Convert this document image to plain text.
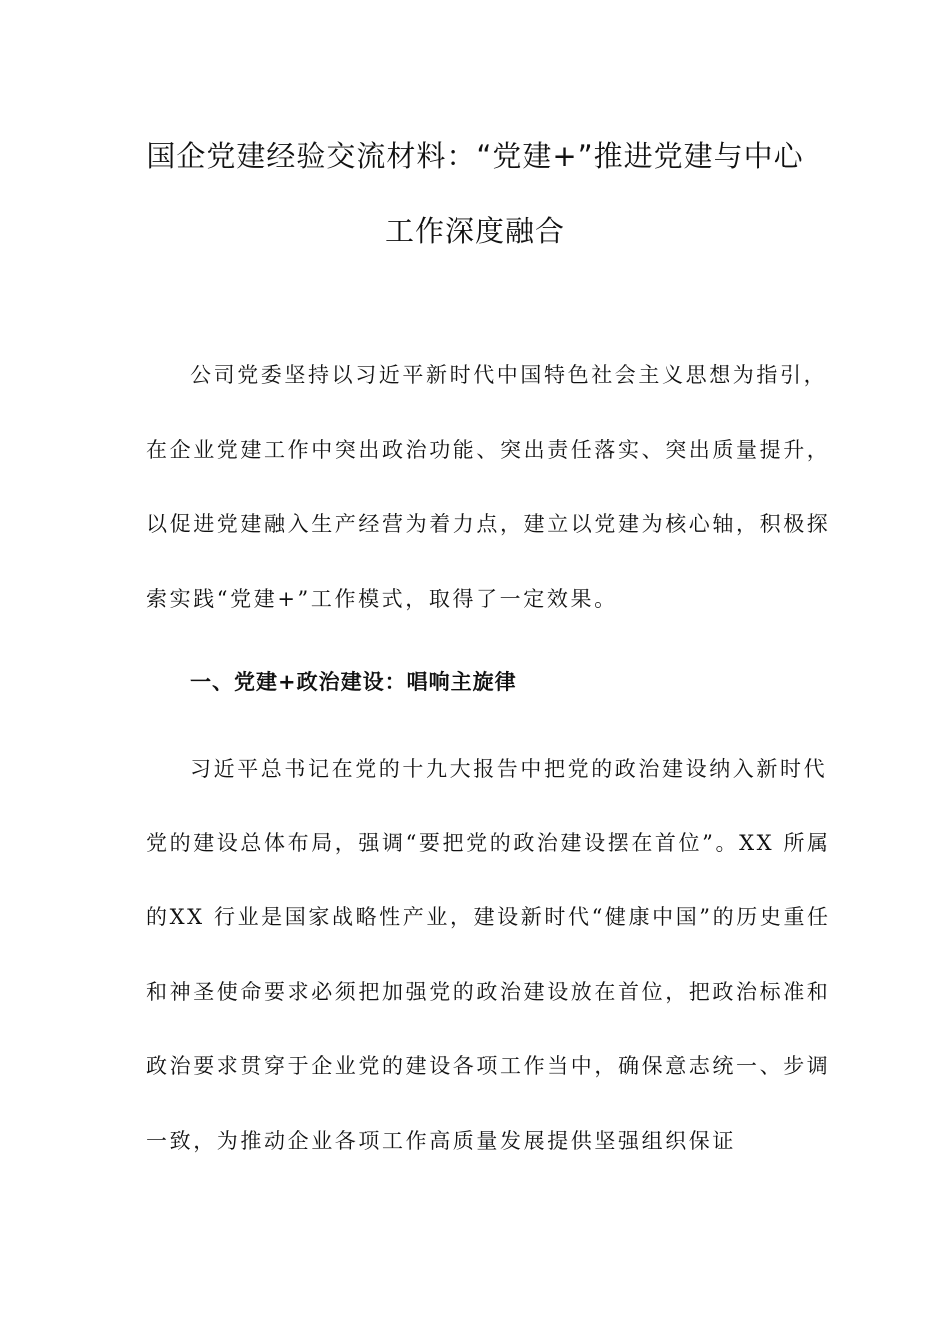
国企党建经验交流材料：“党建+”推进党建与中心
工作深度融合
公司党委坚持以习近平新时代中国特色社会主义思想为指引，
在企业党建工作中突出政治功能、突出责任落实、突出质量提升，
以促进党建融入生产经营为着力点，建立以党建为核心轴，积极探
索实践“党建+”工作模式，取得了一定效果。
一、党建+政治建设：唱响主旋律
习近平总书记在党的十九大报告中把党的政治建设纳入新时代
党的建设总体布局，强调“要把党的政治建设摆在首位”。XX 所属
的XX 行业是国家战略性产业，建设新时代“健康中国”的历史重任
和神圣使命要求必须把加强党的政治建设放在首位，把政治标准和
政治要求贯穿于企业党的建设各项工作当中，确保意志统一、步调
一致，为推动企业各项工作高质量发展提供坚强组织保证
